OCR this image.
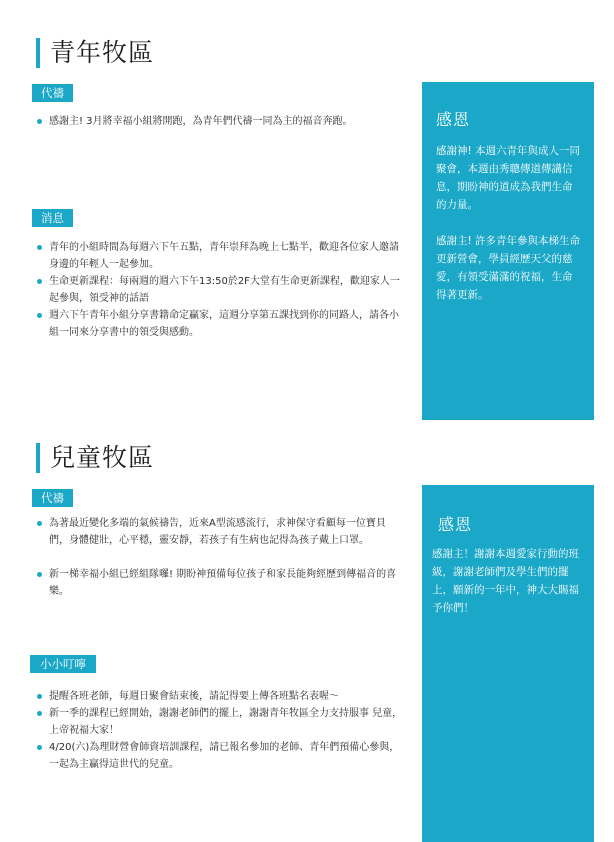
青年牧區
代禱
感謝主! 3月將幸福小組將開跑，為青年們代禱一同為主的福音奔跑。
消息
青年的小組時間為每週六下午五點，青年崇拜為晚上七點半，歡迎各位家人邀請身邊的年輕人一起參加。
生命更新課程：每兩週的週六下午13:50於2F大堂有生命更新課程，歡迎家人一起參與，領受神的話語
週六下午青年小組分享書籍命定贏家，這週分享第五課找到你的同路人，請各小組一同來分享書中的領受與感動。
感恩
感謝神! 本週六青年與成人一同聚會，本週由秀聰傳道傳講信息，期盼神的道成為我們生命的力量。
感謝主! 許多青年參與本梯生命更新營會，學員經歷天父的慈愛，有領受滿滿的祝福，生命得著更新。
兒童牧區
代禱
為著最近變化多端的氣候禱告，近來A型流感流行，求神保守看顧每一位寶貝們，身體健壯，心平穩，靈安靜，若孩子有生病也記得為孩子戴上口罩。
新一梯幸福小組已經組隊囉! 期盼神預備每位孩子和家長能夠經歷到傳福音的喜樂。
小小叮嚀
提醒各班老師，每週日聚會結束後，請記得要上傳各班點名表喔～
新一季的課程已經開始，謝謝老師們的擺上，謝謝青年牧區全力支持服事 兒童，上帝祝福大家！
4/20(六)為理財營會師資培訓課程，請已報名參加的老師、青年們預備心參與，一起為主贏得這世代的兒童。
感恩
感謝主！謝謝本週愛家行動的班級，謝謝老師們及學生們的擺上，願新的一年中，神大大賜福予你們！
